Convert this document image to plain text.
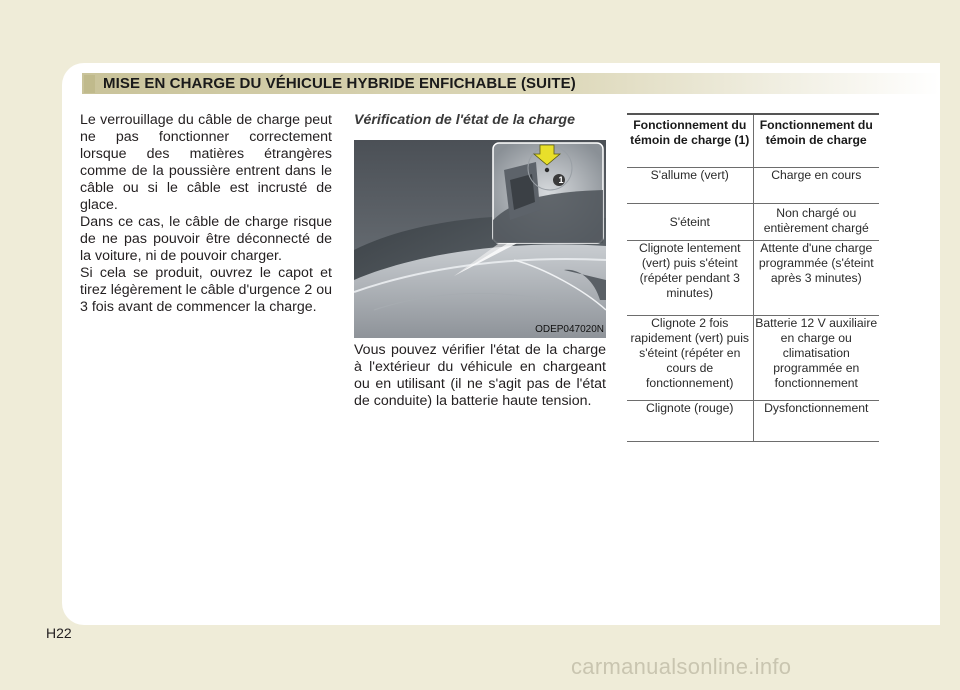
MISE EN CHARGE DU VÉHICULE HYBRIDE ENFICHABLE (SUITE)

Le verrouillage du câble de charge peut ne pas fonctionner correctement lorsque des matières étrangères comme de la poussière entrent dans le câble ou si le câble est incrusté de glace.

Dans ce cas, le câble de charge risque de ne pas pouvoir être déconnecté de la voiture, ni de pouvoir charger.

Si cela se produit, ouvrez le capot et tirez légèrement le câble d'urgence 2 ou 3 fois avant de commencer la charge.

Vérification de l'état de la charge
1
ODEP047020N

Vous pouvez vérifier l'état de la charge à l'extérieur du véhicule en chargeant ou en utilisant (il ne s'agit pas de l'état de conduite) la batterie haute tension.

Fonctionnement du témoin de charge (1)	Fonctionnement du témoin de charge
S'allume (vert)	Charge en cours
S'éteint	Non chargé ou entièrement chargé
Clignote lentement (vert) puis s'éteint (répéter pendant 3 minutes)	Attente d'une charge programmée (s'éteint après 3 minutes)
Clignote 2 fois rapidement (vert) puis s'éteint (répéter en cours de fonctionnement)	Batterie 12 V auxiliaire en charge ou climatisation programmée en fonctionnement
Clignote (rouge)	Dysfonctionnement
H22
carmanualsonline.info
